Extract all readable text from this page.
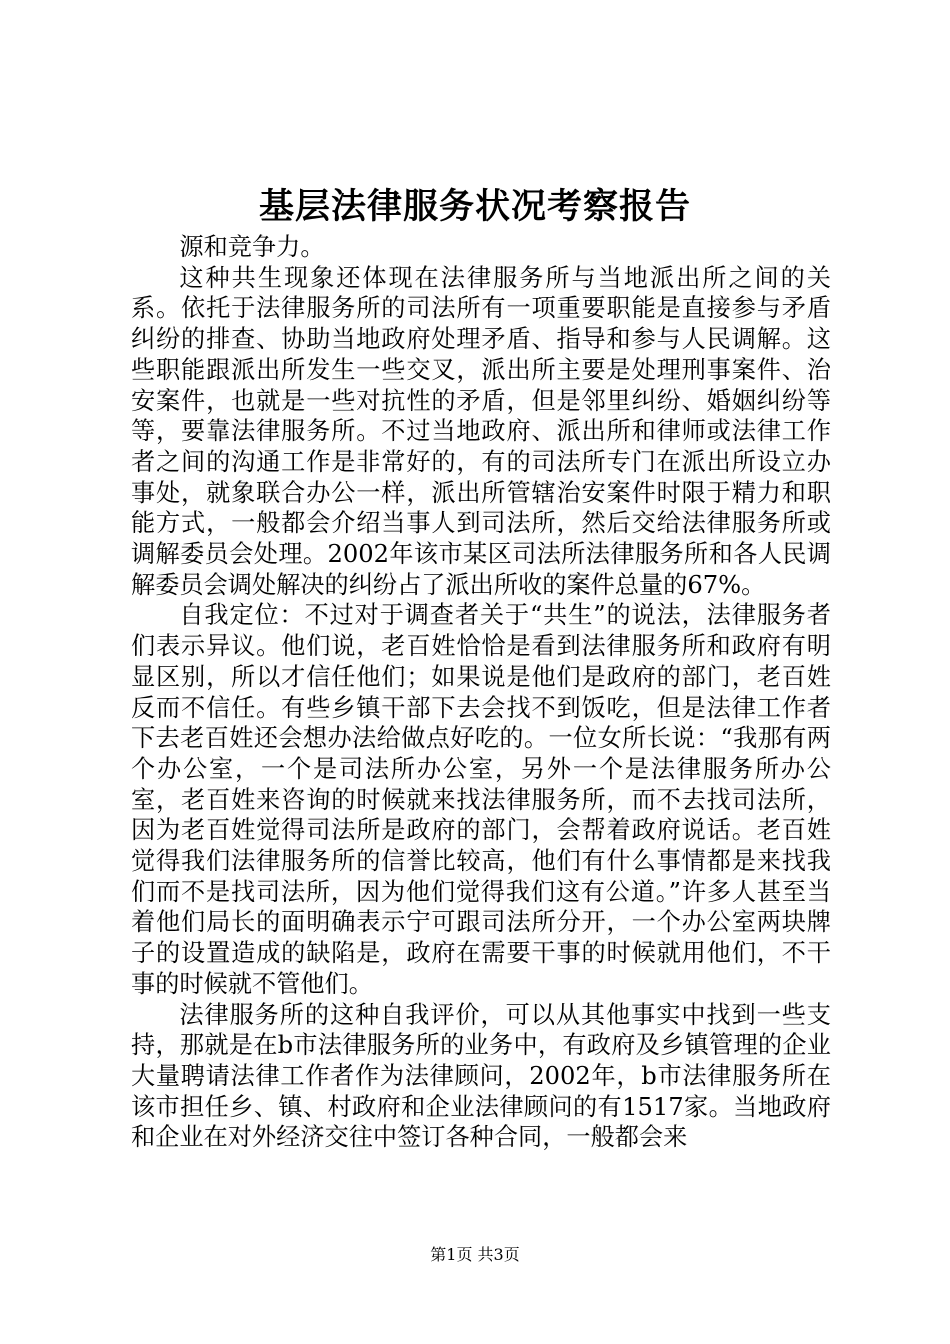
基层法律服务状况考察报告

源和竞争力。

这种共生现象还体现在法律服务所与当地派出所之间的关系。依托于法律服务所的司法所有一项重要职能是直接参与矛盾纠纷的排查、协助当地政府处理矛盾、指导和参与人民调解。这些职能跟派出所发生一些交叉，派出所主要是处理刑事案件、治安案件，也就是一些对抗性的矛盾，但是邻里纠纷、婚姻纠纷等等，要靠法律服务所。不过当地政府、派出所和律师或法律工作者之间的沟通工作是非常好的，有的司法所专门在派出所设立办事处，就象联合办公一样，派出所管辖治安案件时限于精力和职能方式，一般都会介绍当事人到司法所，然后交给法律服务所或调解委员会处理。2002年该市某区司法所法律服务所和各人民调解委员会调处解决的纠纷占了派出所收的案件总量的67%。

自我定位：不过对于调查者关于“共生”的说法，法律服务者们表示异议。他们说，老百姓恰恰是看到法律服务所和政府有明显区别，所以才信任他们；如果说是他们是政府的部门，老百姓反而不信任。有些乡镇干部下去会找不到饭吃，但是法律工作者下去老百姓还会想办法给做点好吃的。一位女所长说：“我那有两个办公室，一个是司法所办公室，另外一个是法律服务所办公室，老百姓来咨询的时候就来找法律服务所，而不去找司法所，因为老百姓觉得司法所是政府的部门，会帮着政府说话。老百姓觉得我们法律服务所的信誉比较高，他们有什么事情都是来找我们而不是找司法所，因为他们觉得我们这有公道。”许多人甚至当着他们局长的面明确表示宁可跟司法所分开，一个办公室两块牌子的设置造成的缺陷是，政府在需要干事的时候就用他们，不干事的时候就不管他们。

法律服务所的这种自我评价，可以从其他事实中找到一些支持，那就是在b市法律服务所的业务中，有政府及乡镇管理的企业大量聘请法律工作者作为法律顾问，2002年，b市法律服务所在该市担任乡、镇、村政府和企业法律顾问的有1517家。当地政府和企业在对外经济交往中签订各种合同，一般都会来

第1页 共3页
